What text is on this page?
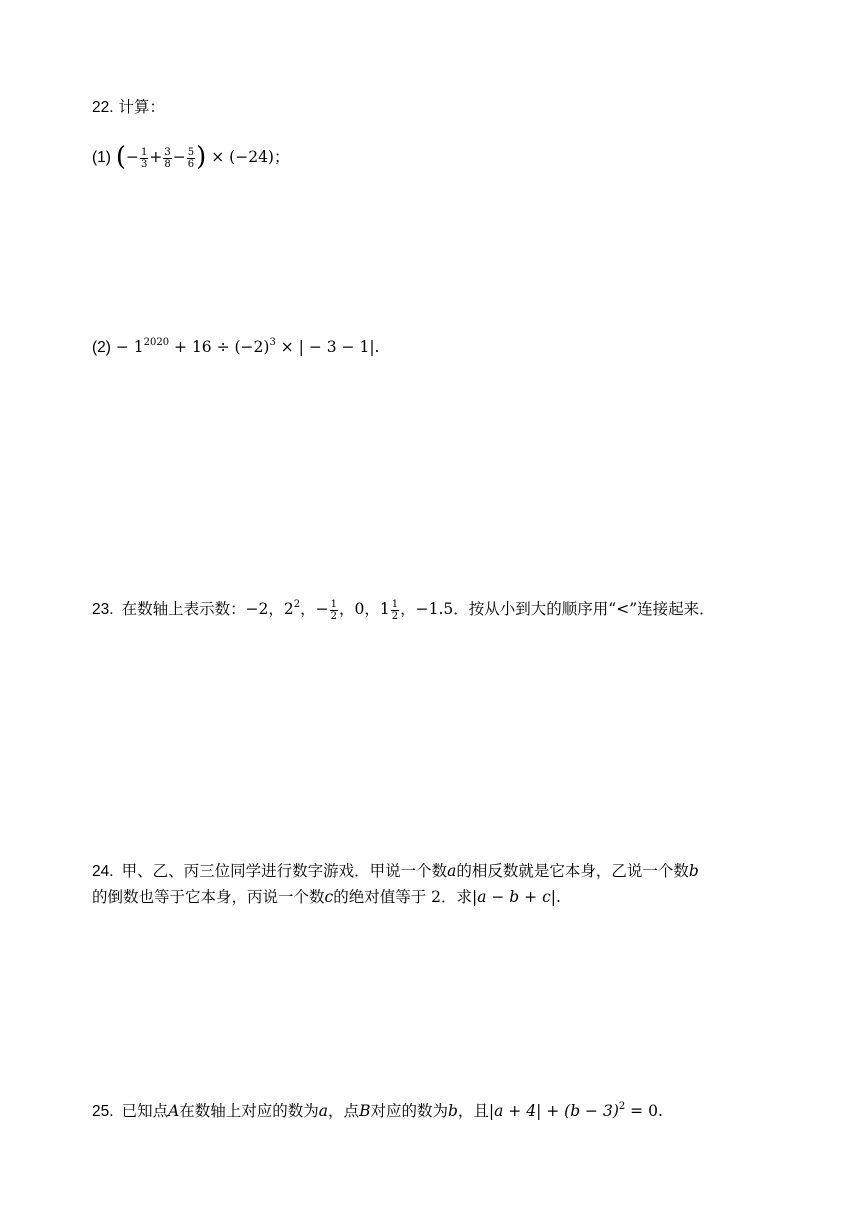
22. 计算：
(1) (− $\frac{1}{3} + \frac{3}{8} - \frac{5}{6}$ ) × (−24)；
$(2) - 1^{2020} + 16 \div (-2)^3$ × | − 3 − 1|.
23. 在数轴上表示数：−2，$2^2$，− $\frac{1}{2}$ ，0，$1 \frac{1}{2}$ ，−1.5．按从小到大的顺序用“<”连接起来．
24. 甲、乙、丙三位同学进行数字游戏．甲说一个数a的相反数就是它本身，乙说一个数b
的倒数也等于它本身，丙说一个数c的绝对值等于 2．求|a − b + c|.
25. 已知点A在数轴上对应的数为a，点B对应的数为b，且$|a + 4| + (b - 3)^2 = 0$.
